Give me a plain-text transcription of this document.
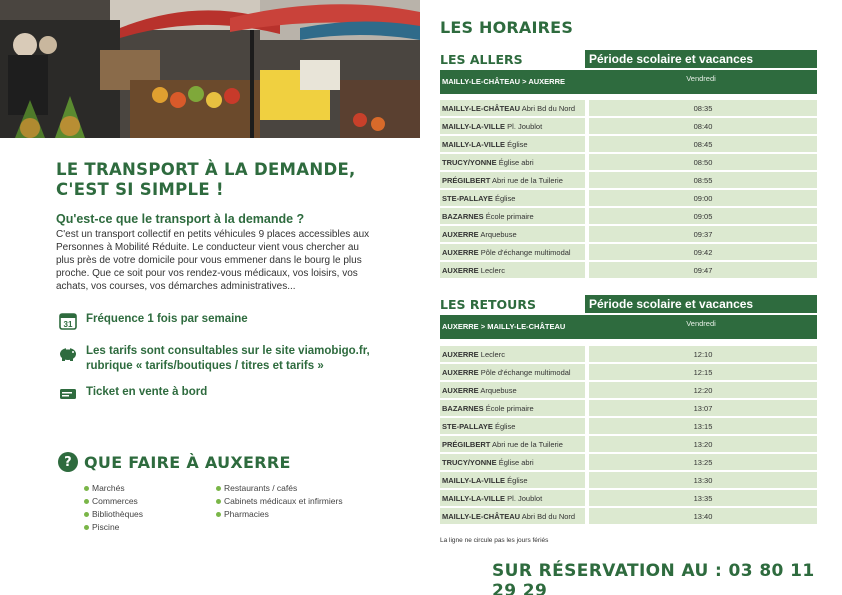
LE TRANSPORT À LA DEMANDE,
C'EST SI SIMPLE !
Qu'est-ce que le transport à la demande ?
C'est un transport collectif en petits véhicules 9 places accessibles aux Personnes à Mobilité Réduite. Le conducteur vient vous chercher au plus près de votre domicile pour vous emmener dans le bourg le plus proche. Que ce soit pour vos rendez-vous médicaux, vos loisirs, vos achats, vos courses, vos démarches administratives...
31 Fréquence 1 fois par semaine
Les tarifs sont consultables sur le site viamobigo.fr, rubrique « tarifs/boutiques / titres et tarifs »
Ticket en vente à bord
? QUE FAIRE À AUXERRE
Marchés
Commerces
Bibliothèques
Piscine
Restaurants / cafés
Cabinets médicaux et infirmiers
Pharmacies
LES HORAIRES
LES ALLERS	Période scolaire et vacances
MAILLY-LE-CHÂTEAU > AUXERRE	Vendredi
MAILLY-LE-CHÂTEAU Abri Bd du Nord	08:35
MAILLY-LA-VILLE Pl. Joublot	08:40
MAILLY-LA-VILLE Église	08:45
TRUCY/YONNE Église abri	08:50
PRÉGILBERT Abri rue de la Tuilerie	08:55
STE-PALLAYE Église	09:00
BAZARNES École primaire	09:05
AUXERRE Arquebuse	09:37
AUXERRE Pôle d'échange multimodal	09:42
AUXERRE Leclerc	09:47
LES RETOURS	Période scolaire et vacances
AUXERRE > MAILLY-LE-CHÂTEAU	Vendredi
AUXERRE Leclerc	12:10
AUXERRE Pôle d'échange multimodal	12:15
AUXERRE Arquebuse	12:20
BAZARNES École primaire	13:07
STE-PALLAYE Église	13:15
PRÉGILBERT Abri rue de la Tuilerie	13:20
TRUCY/YONNE Église abri	13:25
MAILLY-LA-VILLE Église	13:30
MAILLY-LA-VILLE Pl. Joublot	13:35
MAILLY-LE-CHÂTEAU Abri Bd du Nord	13:40
La ligne ne circule pas les jours fériés
SUR RÉSERVATION AU : 03 80 11 29 29
